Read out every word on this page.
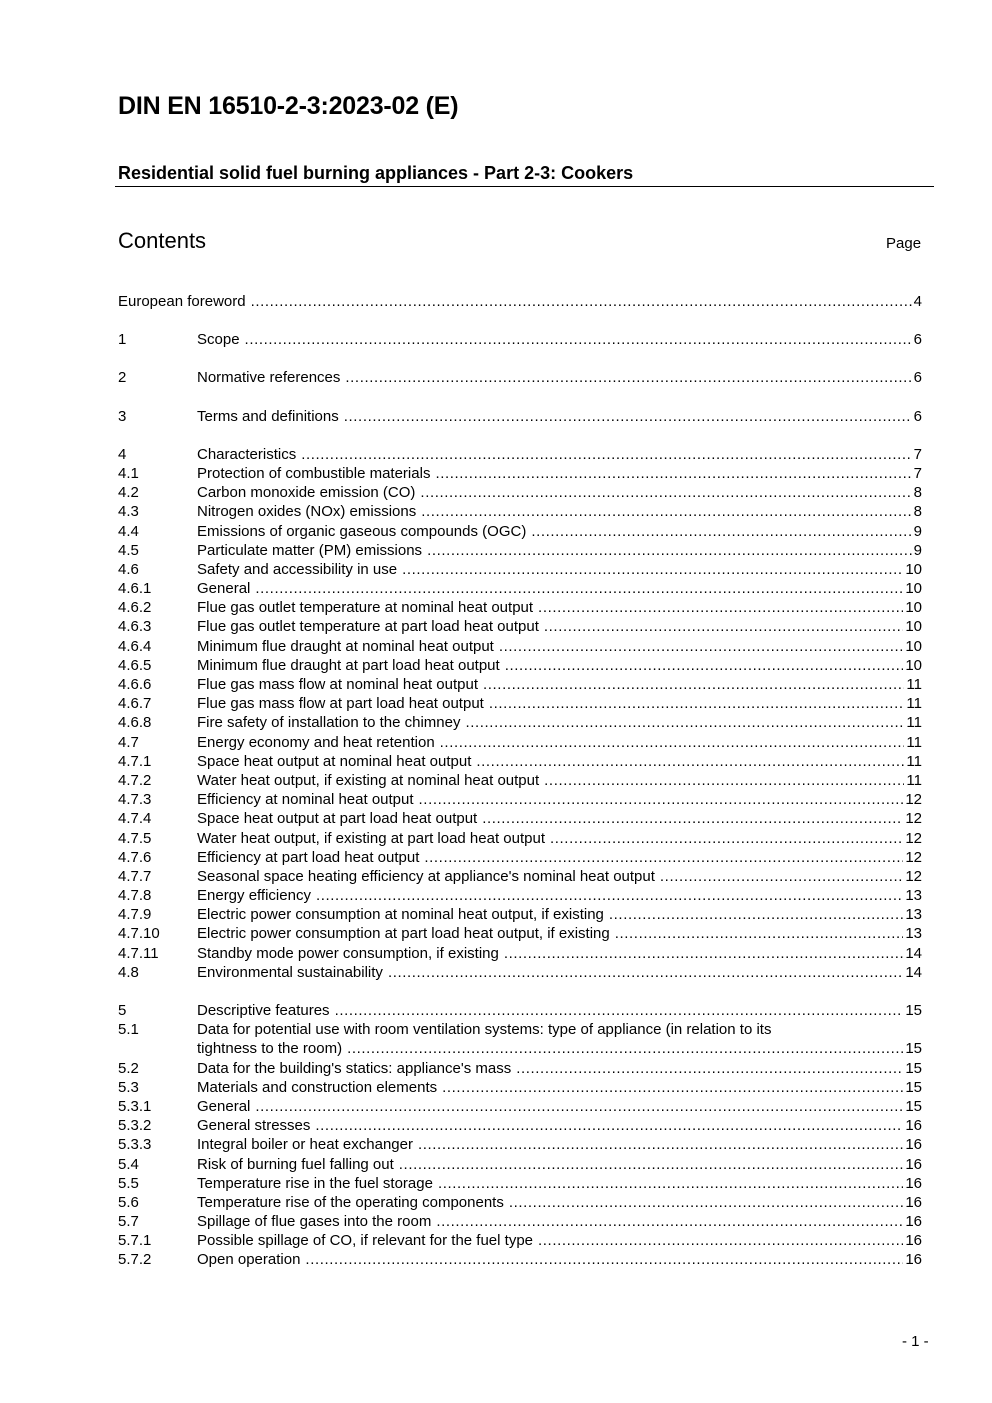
DIN EN 16510-2-3:2023-02 (E)
Residential solid fuel burning appliances - Part 2-3: Cookers
Contents	Page
European foreword .....	4
1	Scope .....	6
2	Normative references .....	6
3	Terms and definitions .....	6
4	Characteristics .....	7
4.1	Protection of combustible materials .....	7
4.2	Carbon monoxide emission (CO) .....	8
4.3	Nitrogen oxides (NOx) emissions .....	8
4.4	Emissions of organic gaseous compounds (OGC) .....	9
4.5	Particulate matter (PM) emissions .....	9
4.6	Safety and accessibility in use .....	10
4.6.1	General .....	10
4.6.2	Flue gas outlet temperature at nominal heat output .....	10
4.6.3	Flue gas outlet temperature at part load heat output .....	10
4.6.4	Minimum flue draught at nominal heat output .....	10
4.6.5	Minimum flue draught at part load heat output .....	10
4.6.6	Flue gas mass flow at nominal heat output .....	11
4.6.7	Flue gas mass flow at part load heat output .....	11
4.6.8	Fire safety of installation to the chimney .....	11
4.7	Energy economy and heat retention .....	11
4.7.1	Space heat output at nominal heat output .....	11
4.7.2	Water heat output, if existing at nominal heat output .....	11
4.7.3	Efficiency at nominal heat output .....	12
4.7.4	Space heat output at part load heat output .....	12
4.7.5	Water heat output, if existing at part load heat output .....	12
4.7.6	Efficiency at part load heat output .....	12
4.7.7	Seasonal space heating efficiency at appliance's nominal heat output .....	12
4.7.8	Energy efficiency .....	13
4.7.9	Electric power consumption at nominal heat output, if existing .....	13
4.7.10	Electric power consumption at part load heat output, if existing .....	13
4.7.11	Standby mode power consumption, if existing .....	14
4.8	Environmental sustainability .....	14
5	Descriptive features .....	15
5.1	Data for potential use with room ventilation systems: type of appliance (in relation to its
tightness to the room) .....	15
5.2	Data for the building's statics: appliance's mass .....	15
5.3	Materials and construction elements .....	15
5.3.1	General .....	15
5.3.2	General stresses .....	16
5.3.3	Integral boiler or heat exchanger .....	16
5.4	Risk of burning fuel falling out .....	16
5.5	Temperature rise in the fuel storage .....	16
5.6	Temperature rise of the operating components .....	16
5.7	Spillage of flue gases into the room .....	16
5.7.1	Possible spillage of CO, if relevant for the fuel type .....	16
5.7.2	Open operation .....	16
- 1 -
